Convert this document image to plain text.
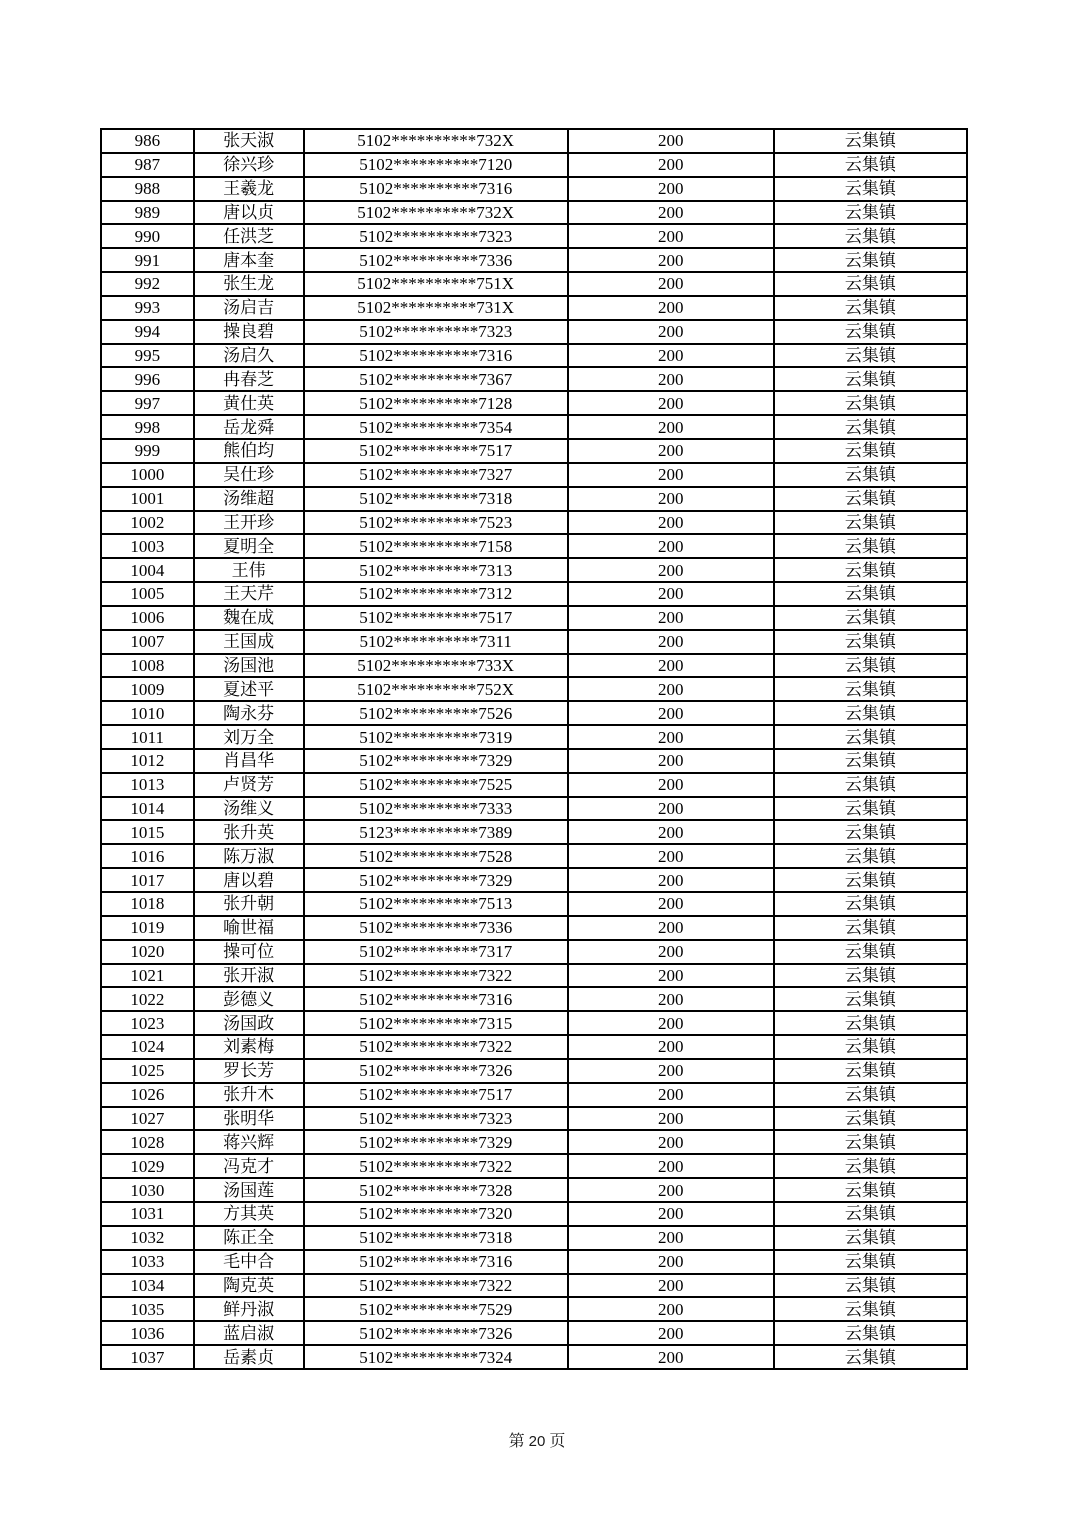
986	张天淑	5102**********732X	200	云集镇
987	徐兴珍	5102**********7120	200	云集镇
988	王羲龙	5102**********7316	200	云集镇
989	唐以贞	5102**********732X	200	云集镇
990	任洪芝	5102**********7323	200	云集镇
991	唐本奎	5102**********7336	200	云集镇
992	张生龙	5102**********751X	200	云集镇
993	汤启吉	5102**********731X	200	云集镇
994	操良碧	5102**********7323	200	云集镇
995	汤启久	5102**********7316	200	云集镇
996	冉春芝	5102**********7367	200	云集镇
997	黄仕英	5102**********7128	200	云集镇
998	岳龙舜	5102**********7354	200	云集镇
999	熊伯均	5102**********7517	200	云集镇
1000	吴仕珍	5102**********7327	200	云集镇
1001	汤维超	5102**********7318	200	云集镇
1002	王开珍	5102**********7523	200	云集镇
1003	夏明全	5102**********7158	200	云集镇
1004	王伟	5102**********7313	200	云集镇
1005	王天芹	5102**********7312	200	云集镇
1006	魏在成	5102**********7517	200	云集镇
1007	王国成	5102**********7311	200	云集镇
1008	汤国池	5102**********733X	200	云集镇
1009	夏述平	5102**********752X	200	云集镇
1010	陶永芬	5102**********7526	200	云集镇
1011	刘万全	5102**********7319	200	云集镇
1012	肖昌华	5102**********7329	200	云集镇
1013	卢贤芳	5102**********7525	200	云集镇
1014	汤维义	5102**********7333	200	云集镇
1015	张升英	5123**********7389	200	云集镇
1016	陈万淑	5102**********7528	200	云集镇
1017	唐以碧	5102**********7329	200	云集镇
1018	张升朝	5102**********7513	200	云集镇
1019	喻世福	5102**********7336	200	云集镇
1020	操可位	5102**********7317	200	云集镇
1021	张开淑	5102**********7322	200	云集镇
1022	彭德义	5102**********7316	200	云集镇
1023	汤国政	5102**********7315	200	云集镇
1024	刘素梅	5102**********7322	200	云集镇
1025	罗长芳	5102**********7326	200	云集镇
1026	张升木	5102**********7517	200	云集镇
1027	张明华	5102**********7323	200	云集镇
1028	蒋兴辉	5102**********7329	200	云集镇
1029	冯克才	5102**********7322	200	云集镇
1030	汤国莲	5102**********7328	200	云集镇
1031	方其英	5102**********7320	200	云集镇
1032	陈正全	5102**********7318	200	云集镇
1033	毛中合	5102**********7316	200	云集镇
1034	陶克英	5102**********7322	200	云集镇
1035	鲜丹淑	5102**********7529	200	云集镇
1036	蓝启淑	5102**********7326	200	云集镇
1037	岳素贞	5102**********7324	200	云集镇
第 20 页
